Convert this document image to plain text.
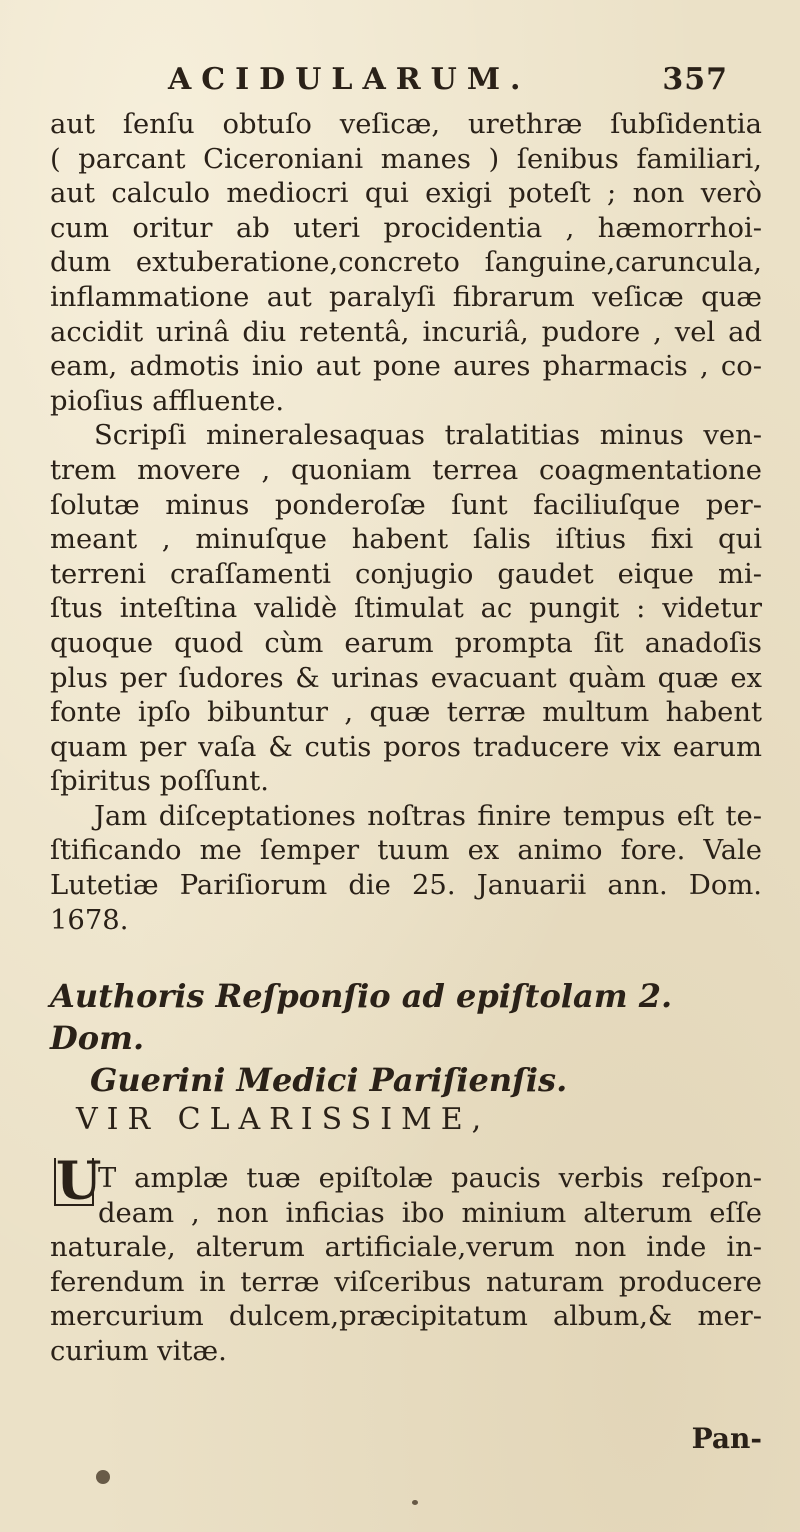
ACIDULARUM.	357
aut ſenſu obtuſo veſicæ, urethræ ſubſidentia
( parcant Ciceroniani manes ) ſenibus familiari,
aut calculo mediocri qui exigi poteſt ; non verò
cum oritur ab uteri procidentia , hæmorrhoi-
dum extuberatione,concreto ſanguine,caruncula,
inflammatione aut paralyſi fibrarum veſicæ quæ
accidit urinâ diu retentâ, incuriâ, pudore , vel ad
eam, admotis inio aut pone aures pharmacis , co-
pioſius affluente.
Scripſi mineralesaquas tralatitias minus ven-
trem movere , quoniam terrea coagmentatione
ſolutæ minus ponderoſæ ſunt faciliuſque per-
meant , minuſque habent ſalis iſtius fixi qui
terreni craſſamenti conjugio gaudet eique mi-
ſtus inteſtina validè ſtimulat ac pungit : videtur
quoque quod cùm earum prompta ſit anadoſis
plus per ſudores & urinas evacuant quàm quæ ex
fonte ipſo bibuntur , quæ terræ multum habent
quam per vaſa & cutis poros traducere vix earum
ſpiritus poſſunt.
Jam diſceptationes noſtras finire tempus eſt te-
ſtificando me ſemper tuum ex animo fore. Vale
Lutetiæ Pariſiorum die 25. Januarii ann. Dom.
1678.
Authoris Reſponſio ad epiſtolam 2. Dom.
Guerini Medici Pariſienſis.
VIR CLARISSIME,
U
T amplæ tuæ epiſtolæ paucis verbis reſpon-
deam , non inficias ibo minium alterum eſſe
naturale, alterum artificiale,verum non inde in-
ferendum in terræ viſceribus naturam producere
mercurium dulcem,præcipitatum album,& mer-
curium vitæ.
Pan-
